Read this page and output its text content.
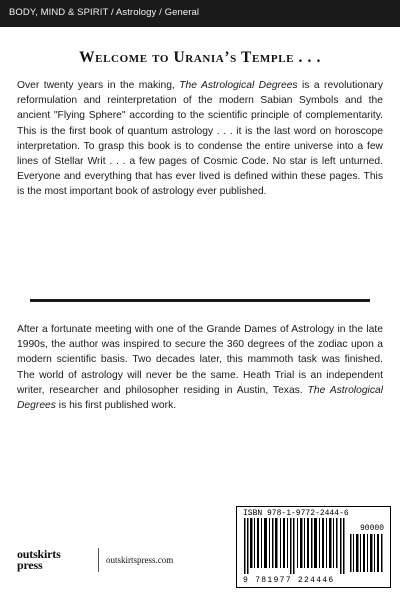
BODY, MIND & SPIRIT / Astrology / General
Welcome to Urania’s Temple . . .

Over twenty years in the making, The Astrological Degrees is a revolutionary reformulation and reinterpretation of the modern Sabian Symbols and the ancient "Flying Sphere" according to the scientific principle of complementarity. This is the first book of quantum astrology . . . it is the last word on horoscope interpretation. To grasp this book is to condense the entire universe into a few lines of Stellar Writ . . . a few pages of Cosmic Code. No star is left unturned. Everyone and everything that has ever lived is defined within these pages. This is the most important book of astrology ever published.

After a fortunate meeting with one of the Grande Dames of Astrology in the late 1990s, the author was inspired to secure the 360 degrees of the zodiac upon a modern scientific basis. Two decades later, this mammoth task was finished. The world of astrology will never be the same. Heath Trial is an independent writer, researcher and philosopher residing in Austin, Texas. The Astrological Degrees is his first published work.

ISBN 978-1-9772-2444-6
90000
9 781977 224446
outskirts
press	outskirtspress.com
